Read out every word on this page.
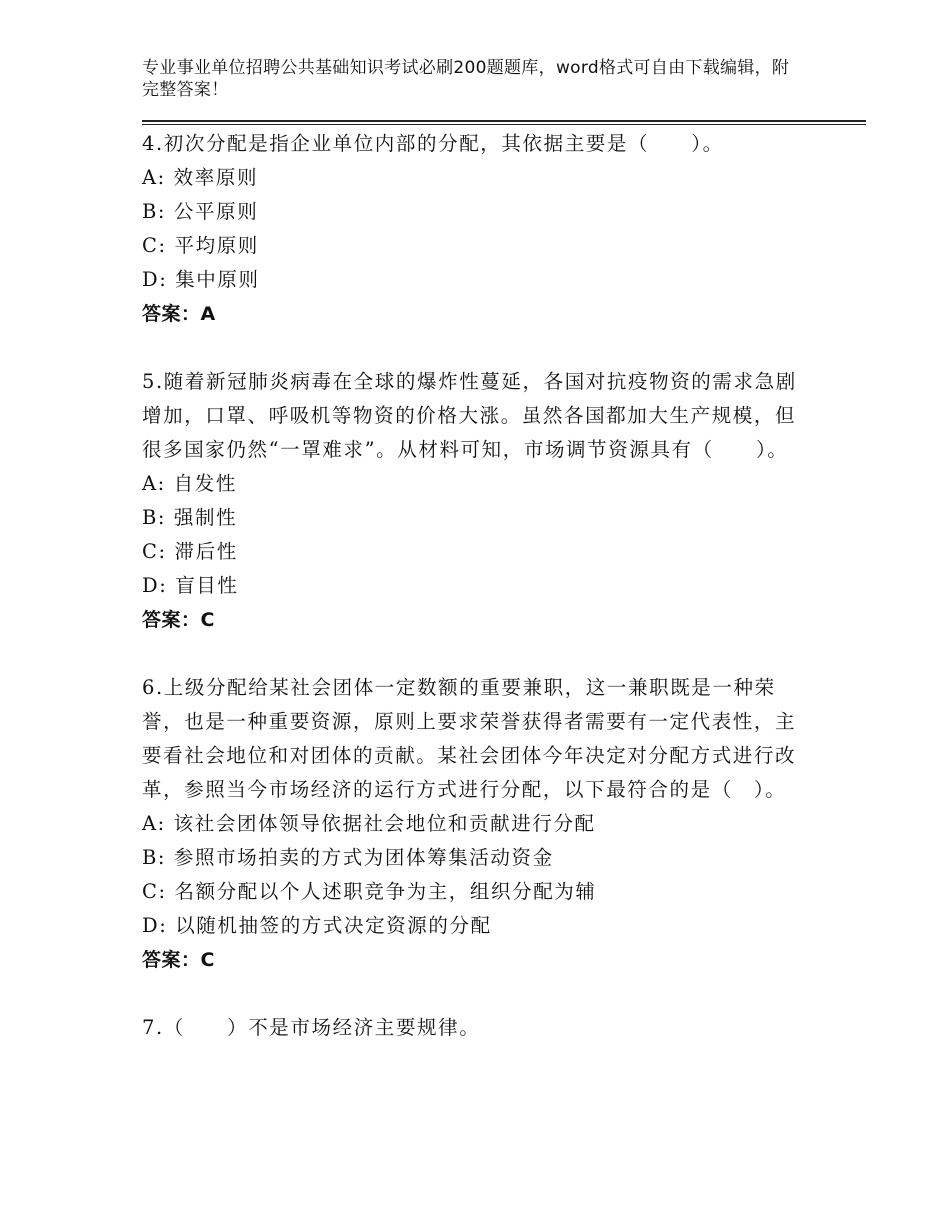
专业事业单位招聘公共基础知识考试必刷200题题库，word格式可自由下载编辑，附完整答案！
4.初次分配是指企业单位内部的分配，其依据主要是（　　）。
A: 效率原则
B: 公平原则
C: 平均原则
D: 集中原则
答案：A
5.随着新冠肺炎病毒在全球的爆炸性蔓延，各国对抗疫物资的需求急剧增加，口罩、呼吸机等物资的价格大涨。虽然各国都加大生产规模，但很多国家仍然“一罩难求”。从材料可知，市场调节资源具有（　　）。
A: 自发性
B: 强制性
C: 滞后性
D: 盲目性
答案：C
6.上级分配给某社会团体一定数额的重要兼职，这一兼职既是一种荣誉，也是一种重要资源，原则上要求荣誉获得者需要有一定代表性，主要看社会地位和对团体的贡献。某社会团体今年决定对分配方式进行改革，参照当今市场经济的运行方式进行分配，以下最符合的是（　）。
A: 该社会团体领导依据社会地位和贡献进行分配
B: 参照市场拍卖的方式为团体筹集活动资金
C: 名额分配以个人述职竞争为主，组织分配为辅
D: 以随机抽签的方式决定资源的分配
答案：C
7.（　　）不是市场经济主要规律。
